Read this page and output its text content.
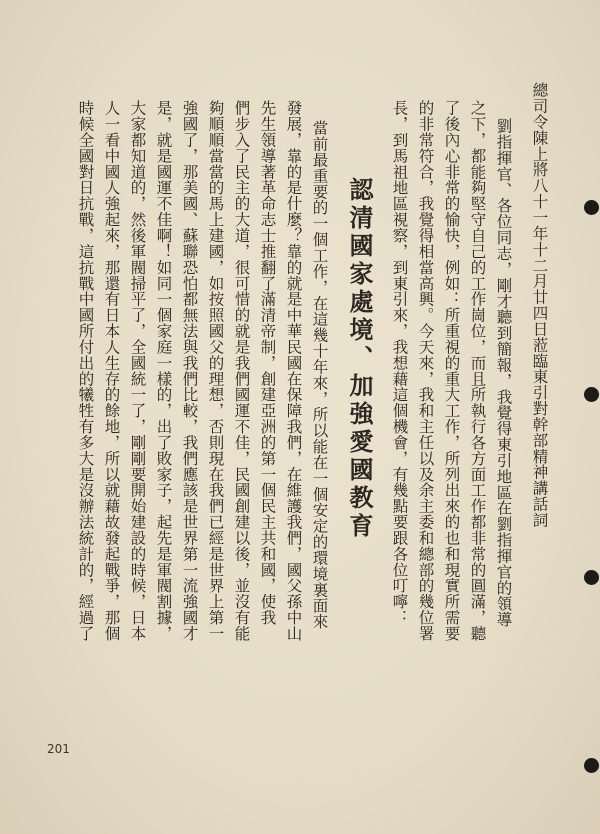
總司令陳上將八十一年十二月廿四日蒞臨東引對幹部精神講話詞
劉指揮官、各位同志，剛才聽到簡報，我覺得東引地區在劉指揮官的領導
之下，都能夠堅守自己的工作崗位，而且所執行各方面工作都非常的圓滿，聽
了後內心非常的愉快，例如：所重視的重大工作，所列出來的也和現實所需要
的非常符合，我覺得相當高興。今天來，我和主任以及余主委和總部的幾位署
長，到馬祖地區視察，到東引來，我想藉這個機會，有幾點要跟各位叮嚀：
認清國家處境、加強愛國教育
當前最重要的一個工作，在這幾十年來，所以能在一個安定的環境裏面來
發展，靠的是什麼？靠的就是中華民國在保障我們，在維護我們，國父孫中山
先生領導著革命志士推翻了滿清帝制，創建亞洲的第一個民主共和國，使我
們步入了民主的大道，很可惜的就是我們國運不佳，民國創建以後，並沒有能
夠順順當當的馬上建國，如按照國父的理想，否則現在我們已經是世界上第一
強國了，那美國、蘇聯恐怕都無法與我們比較，我們應該是世界第一流強國才
是，就是國運不佳啊！如同一個家庭一樣的，出了敗家子，起先是軍閥割據，
大家都知道的，然後軍閥掃平了，全國統一了，剛剛要開始建設的時候，日本
人一看中國人強起來，那還有日本人生存的餘地，所以就藉故發起戰爭，那個
時候全國對日抗戰，這抗戰中國所付出的犧牲有多大是沒辦法統計的，經過了
201
